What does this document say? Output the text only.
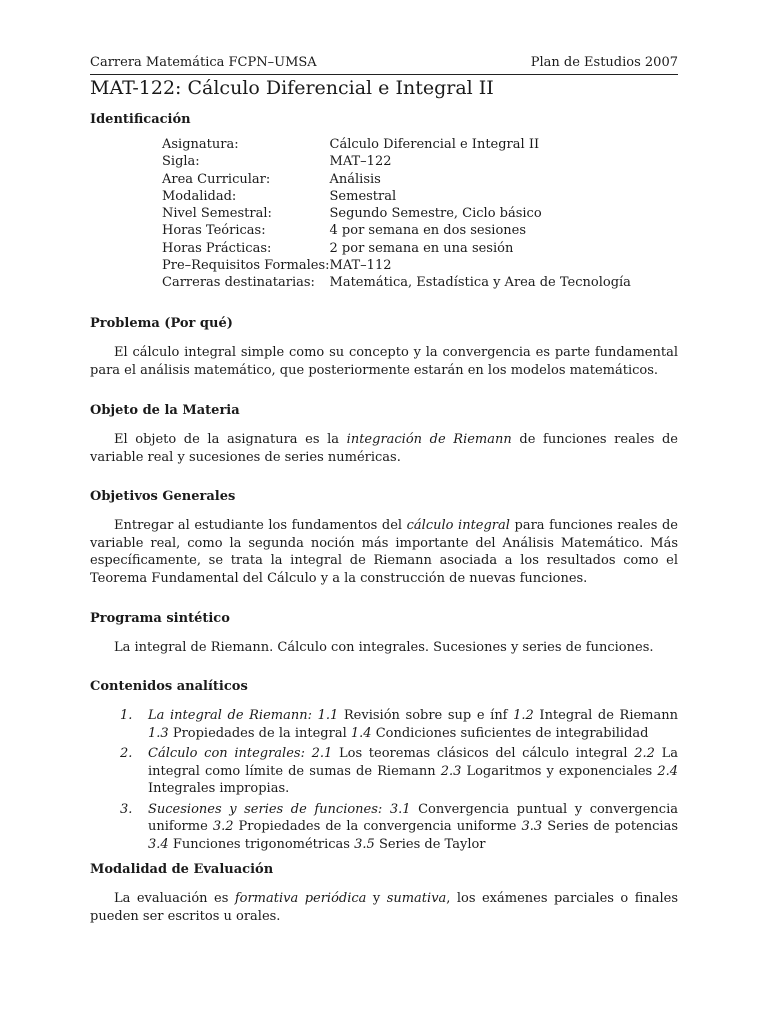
Carrera Matemática FCPN–UMSA	Plan de Estudios 2007
MAT-122: Cálculo Diferencial e Integral II
Identificación
Asignatura:	Cálculo Diferencial e Integral II
Sigla:	MAT–122
Area Curricular:	Análisis
Modalidad:	Semestral
Nivel Semestral:	Segundo Semestre, Ciclo básico
Horas Teóricas:	4 por semana en dos sesiones
Horas Prácticas:	2 por semana en una sesión
Pre–Requisitos Formales:	MAT–112
Carreras destinatarias:	Matemática, Estadística y Area de Tecnología
Problema (Por qué)

El cálculo integral simple como su concepto y la convergencia es parte fundamental para el análisis matemático, que posteriormente estarán en los modelos matemáticos.

Objeto de la Materia

El objeto de la asignatura es la integración de Riemann de funciones reales de variable real y sucesiones de series numéricas.

Objetivos Generales

Entregar al estudiante los fundamentos del cálculo integral para funciones reales de variable real, como la segunda noción más importante del Análisis Matemático. Más específicamente, se trata la integral de Riemann asociada a los resultados como el Teorema Fundamental del Cálculo y a la construcción de nuevas funciones.

Programa sintético

La integral de Riemann. Cálculo con integrales. Sucesiones y series de funciones.

Contenidos analíticos
1. La integral de Riemann: 1.1 Revisión sobre sup e ínf 1.2 Integral de Riemann 1.3 Propiedades de la integral 1.4 Condiciones suficientes de integrabilidad
2. Cálculo con integrales: 2.1 Los teoremas clásicos del cálculo integral 2.2 La integral como límite de sumas de Riemann 2.3 Logaritmos y exponenciales 2.4 Integrales impropias.
3. Sucesiones y series de funciones: 3.1 Convergencia puntual y convergencia uniforme 3.2 Propiedades de la convergencia uniforme 3.3 Series de potencias 3.4 Funciones trigonométricas 3.5 Series de Taylor
Modalidad de Evaluación

La evaluación es formativa periódica y sumativa, los exámenes parciales o finales pueden ser escritos u orales.
